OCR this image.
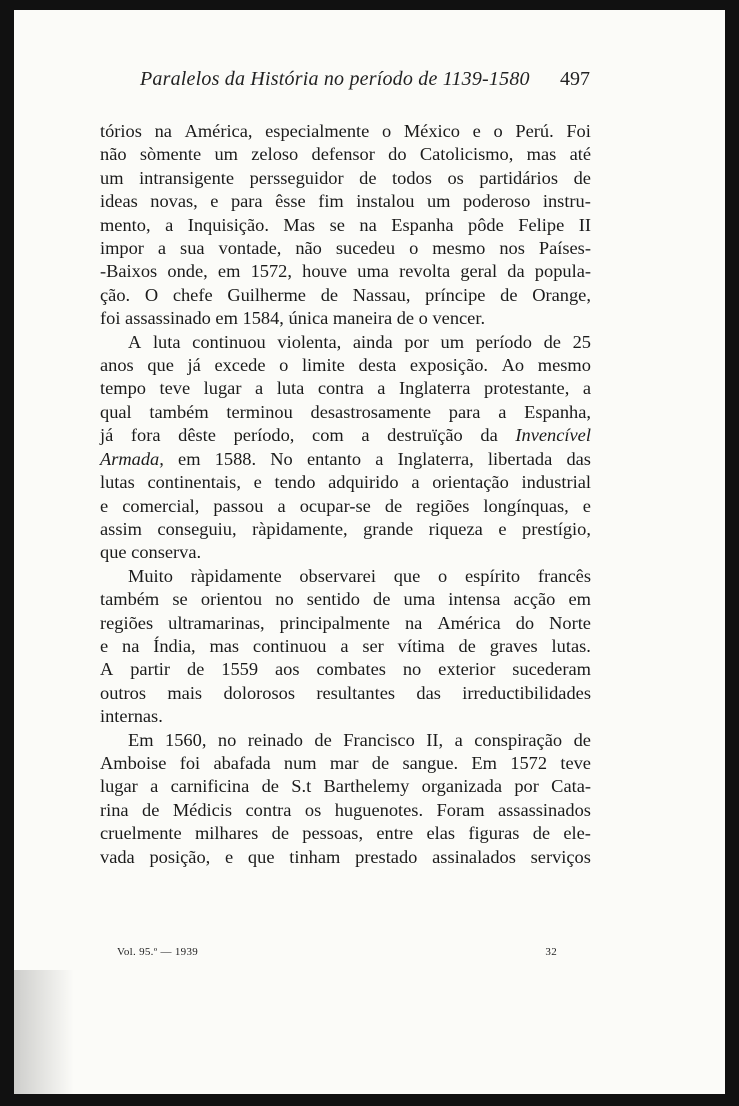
Paralelos da História no período de 1139-1580 497
tórios na América, especialmente o México e o Perú. Foi
não sòmente um zeloso defensor do Catolicismo, mas até
um intransigente persseguidor de todos os partidários de
ideas novas, e para êsse fim instalou um poderoso instru-
mento, a Inquisição. Mas se na Espanha pôde Felipe II
impor a sua vontade, não sucedeu o mesmo nos Países-
-Baixos onde, em 1572, houve uma revolta geral da popula-
ção. O chefe Guilherme de Nassau, príncipe de Orange,
foi assassinado em 1584, única maneira de o vencer.
A luta continuou violenta, ainda por um período de 25
anos que já excede o limite desta exposição. Ao mesmo
tempo teve lugar a luta contra a Inglaterra protestante, a
qual também terminou desastrosamente para a Espanha,
já fora dêste período, com a destruïção da Invencível
Armada, em 1588. No entanto a Inglaterra, libertada das
lutas continentais, e tendo adquirido a orientação industrial
e comercial, passou a ocupar-se de regiões longínquas, e
assim conseguiu, ràpidamente, grande riqueza e prestígio,
que conserva.
Muito ràpidamente observarei que o espírito francês
também se orientou no sentido de uma intensa acção em
regiões ultramarinas, principalmente na América do Norte
e na Índia, mas continuou a ser vítima de graves lutas.
A partir de 1559 aos combates no exterior sucederam
outros mais dolorosos resultantes das irreductibilidades
internas.
Em 1560, no reinado de Francisco II, a conspiração de
Amboise foi abafada num mar de sangue. Em 1572 teve
lugar a carnificina de S.t Barthelemy organizada por Cata-
rina de Médicis contra os huguenotes. Foram assassinados
cruelmente milhares de pessoas, entre elas figuras de ele-
vada posição, e que tinham prestado assinalados serviços
Vol. 95.º — 1939	32
